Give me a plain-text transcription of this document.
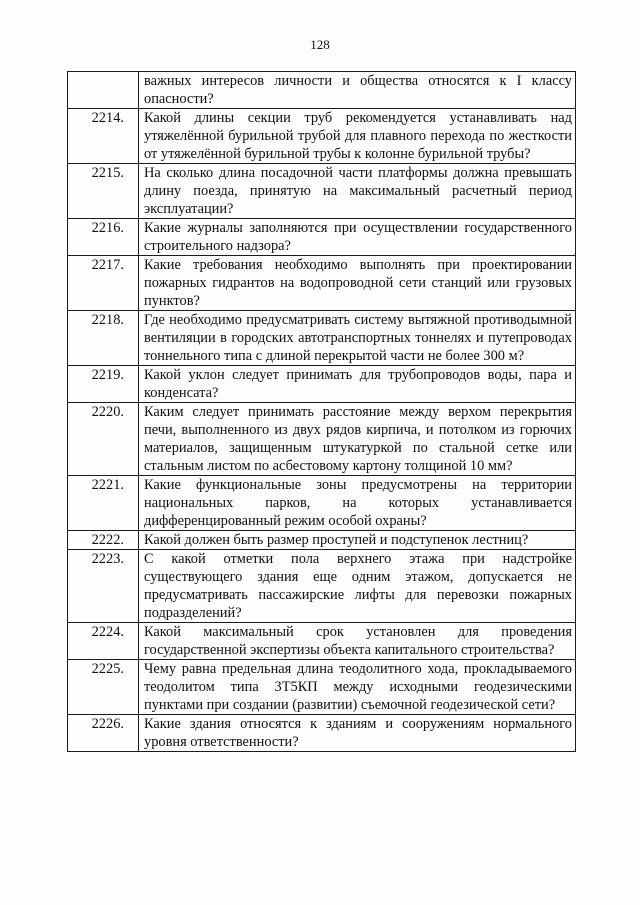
128
	важных интересов личности и общества относятся к I классу опасности?
2214.	Какой длины секции труб рекомендуется устанавливать над утяжелённой бурильной трубой для плавного перехода по жесткости от утяжелённой бурильной трубы к колонне бурильной трубы?
2215.	На сколько длина посадочной части платформы должна превышать длину поезда, принятую на максимальный расчетный период эксплуатации?
2216.	Какие журналы заполняются при осуществлении государственного строительного надзора?
2217.	Какие требования необходимо выполнять при проектировании пожарных гидрантов на водопроводной сети станций или грузовых пунктов?
2218.	Где необходимо предусматривать систему вытяжной противодымной вентиляции в городских автотранспортных тоннелях и путепроводах тоннельного типа с длиной перекрытой части не более 300 м?
2219.	Какой уклон следует принимать для трубопроводов воды, пара и конденсата?
2220.	Каким следует принимать расстояние между верхом перекрытия печи, выполненного из двух рядов кирпича, и потолком из горючих материалов, защищенным штукатуркой по стальной сетке или стальным листом по асбестовому картону толщиной 10 мм?
2221.	Какие функциональные зоны предусмотрены на территории национальных парков, на которых устанавливается дифференцированный режим особой охраны?
2222.	Какой должен быть размер проступей и подступенок лестниц?
2223.	С какой отметки пола верхнего этажа при надстройке существующего здания еще одним этажом, допускается не предусматривать пассажирские лифты для перевозки пожарных подразделений?
2224.	Какой максимальный срок установлен для проведения государственной экспертизы объекта капитального строительства?
2225.	Чему равна предельная длина теодолитного хода, прокладываемого теодолитом типа 3Т5КП между исходными геодезическими пунктами при создании (развитии) съемочной геодезической сети?
2226.	Какие здания относятся к зданиям и сооружениям нормального уровня ответственности?
